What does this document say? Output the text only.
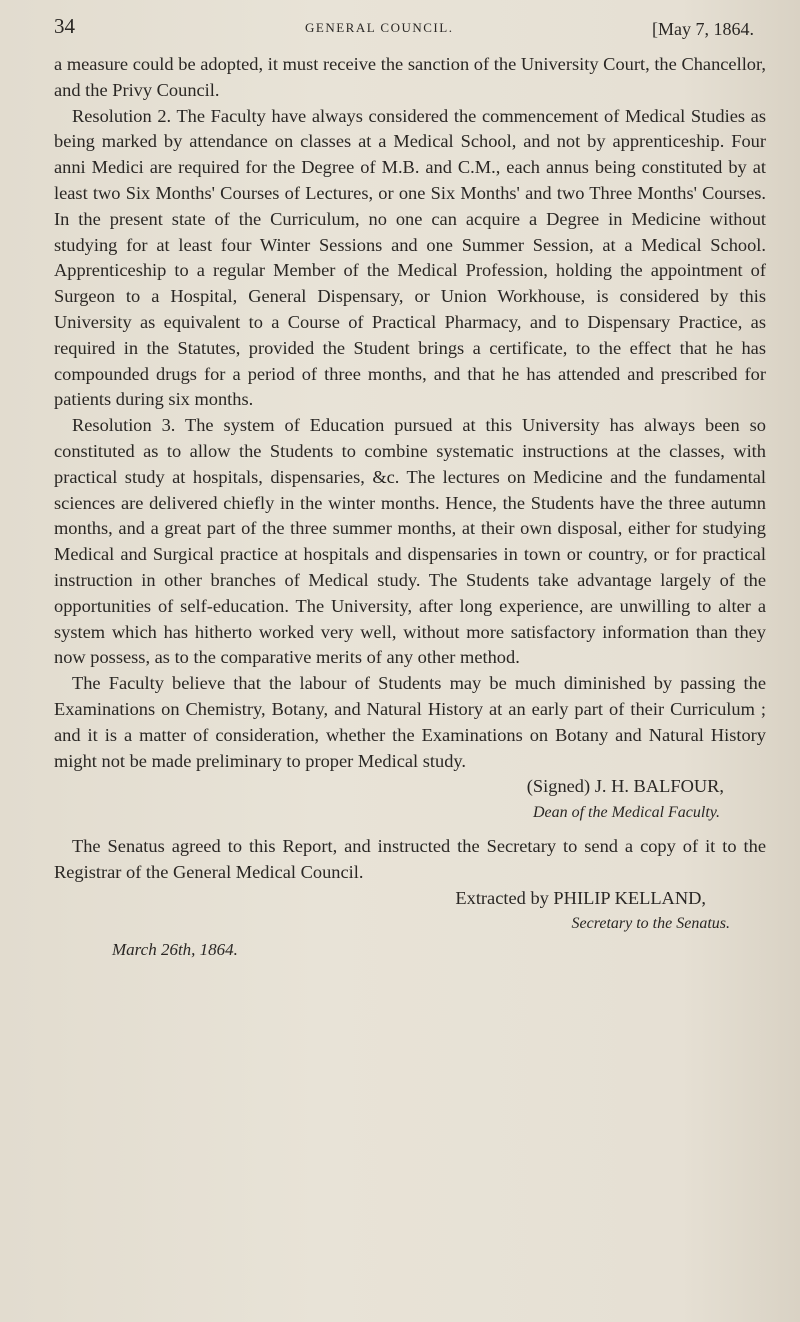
34	GENERAL COUNCIL.	[May 7, 1864.

a measure could be adopted, it must receive the sanction of the University Court, the Chancellor, and the Privy Council.

Resolution 2. The Faculty have always considered the commencement of Medical Studies as being marked by attendance on classes at a Medical School, and not by apprenticeship. Four anni Medici are required for the Degree of M.B. and C.M., each annus being constituted by at least two Six Months' Courses of Lectures, or one Six Months' and two Three Months' Courses. In the present state of the Curriculum, no one can acquire a Degree in Medicine without studying for at least four Winter Sessions and one Summer Session, at a Medical School. Apprenticeship to a regular Member of the Medical Profession, holding the appointment of Surgeon to a Hospital, General Dispensary, or Union Workhouse, is considered by this University as equivalent to a Course of Practical Pharmacy, and to Dispensary Practice, as required in the Statutes, provided the Student brings a certificate, to the effect that he has compounded drugs for a period of three months, and that he has attended and prescribed for patients during six months.

Resolution 3. The system of Education pursued at this University has always been so constituted as to allow the Students to combine systematic instructions at the classes, with practical study at hospitals, dispensaries, &c. The lectures on Medicine and the fundamental sciences are delivered chiefly in the winter months. Hence, the Students have the three autumn months, and a great part of the three summer months, at their own disposal, either for studying Medical and Surgical practice at hospitals and dispensaries in town or country, or for practical instruction in other branches of Medical study. The Students take advantage largely of the opportunities of self-education. The University, after long experience, are unwilling to alter a system which has hitherto worked very well, without more satisfactory information than they now possess, as to the comparative merits of any other method.

The Faculty believe that the labour of Students may be much diminished by passing the Examinations on Chemistry, Botany, and Natural History at an early part of their Curriculum ; and it is a matter of consideration, whether the Examinations on Botany and Natural History might not be made preliminary to proper Medical study.

(Signed) J. H. BALFOUR,

Dean of the Medical Faculty.

The Senatus agreed to this Report, and instructed the Secretary to send a copy of it to the Registrar of the General Medical Council.

Extracted by PHILIP KELLAND,

Secretary to the Senatus.

March 26th, 1864.
